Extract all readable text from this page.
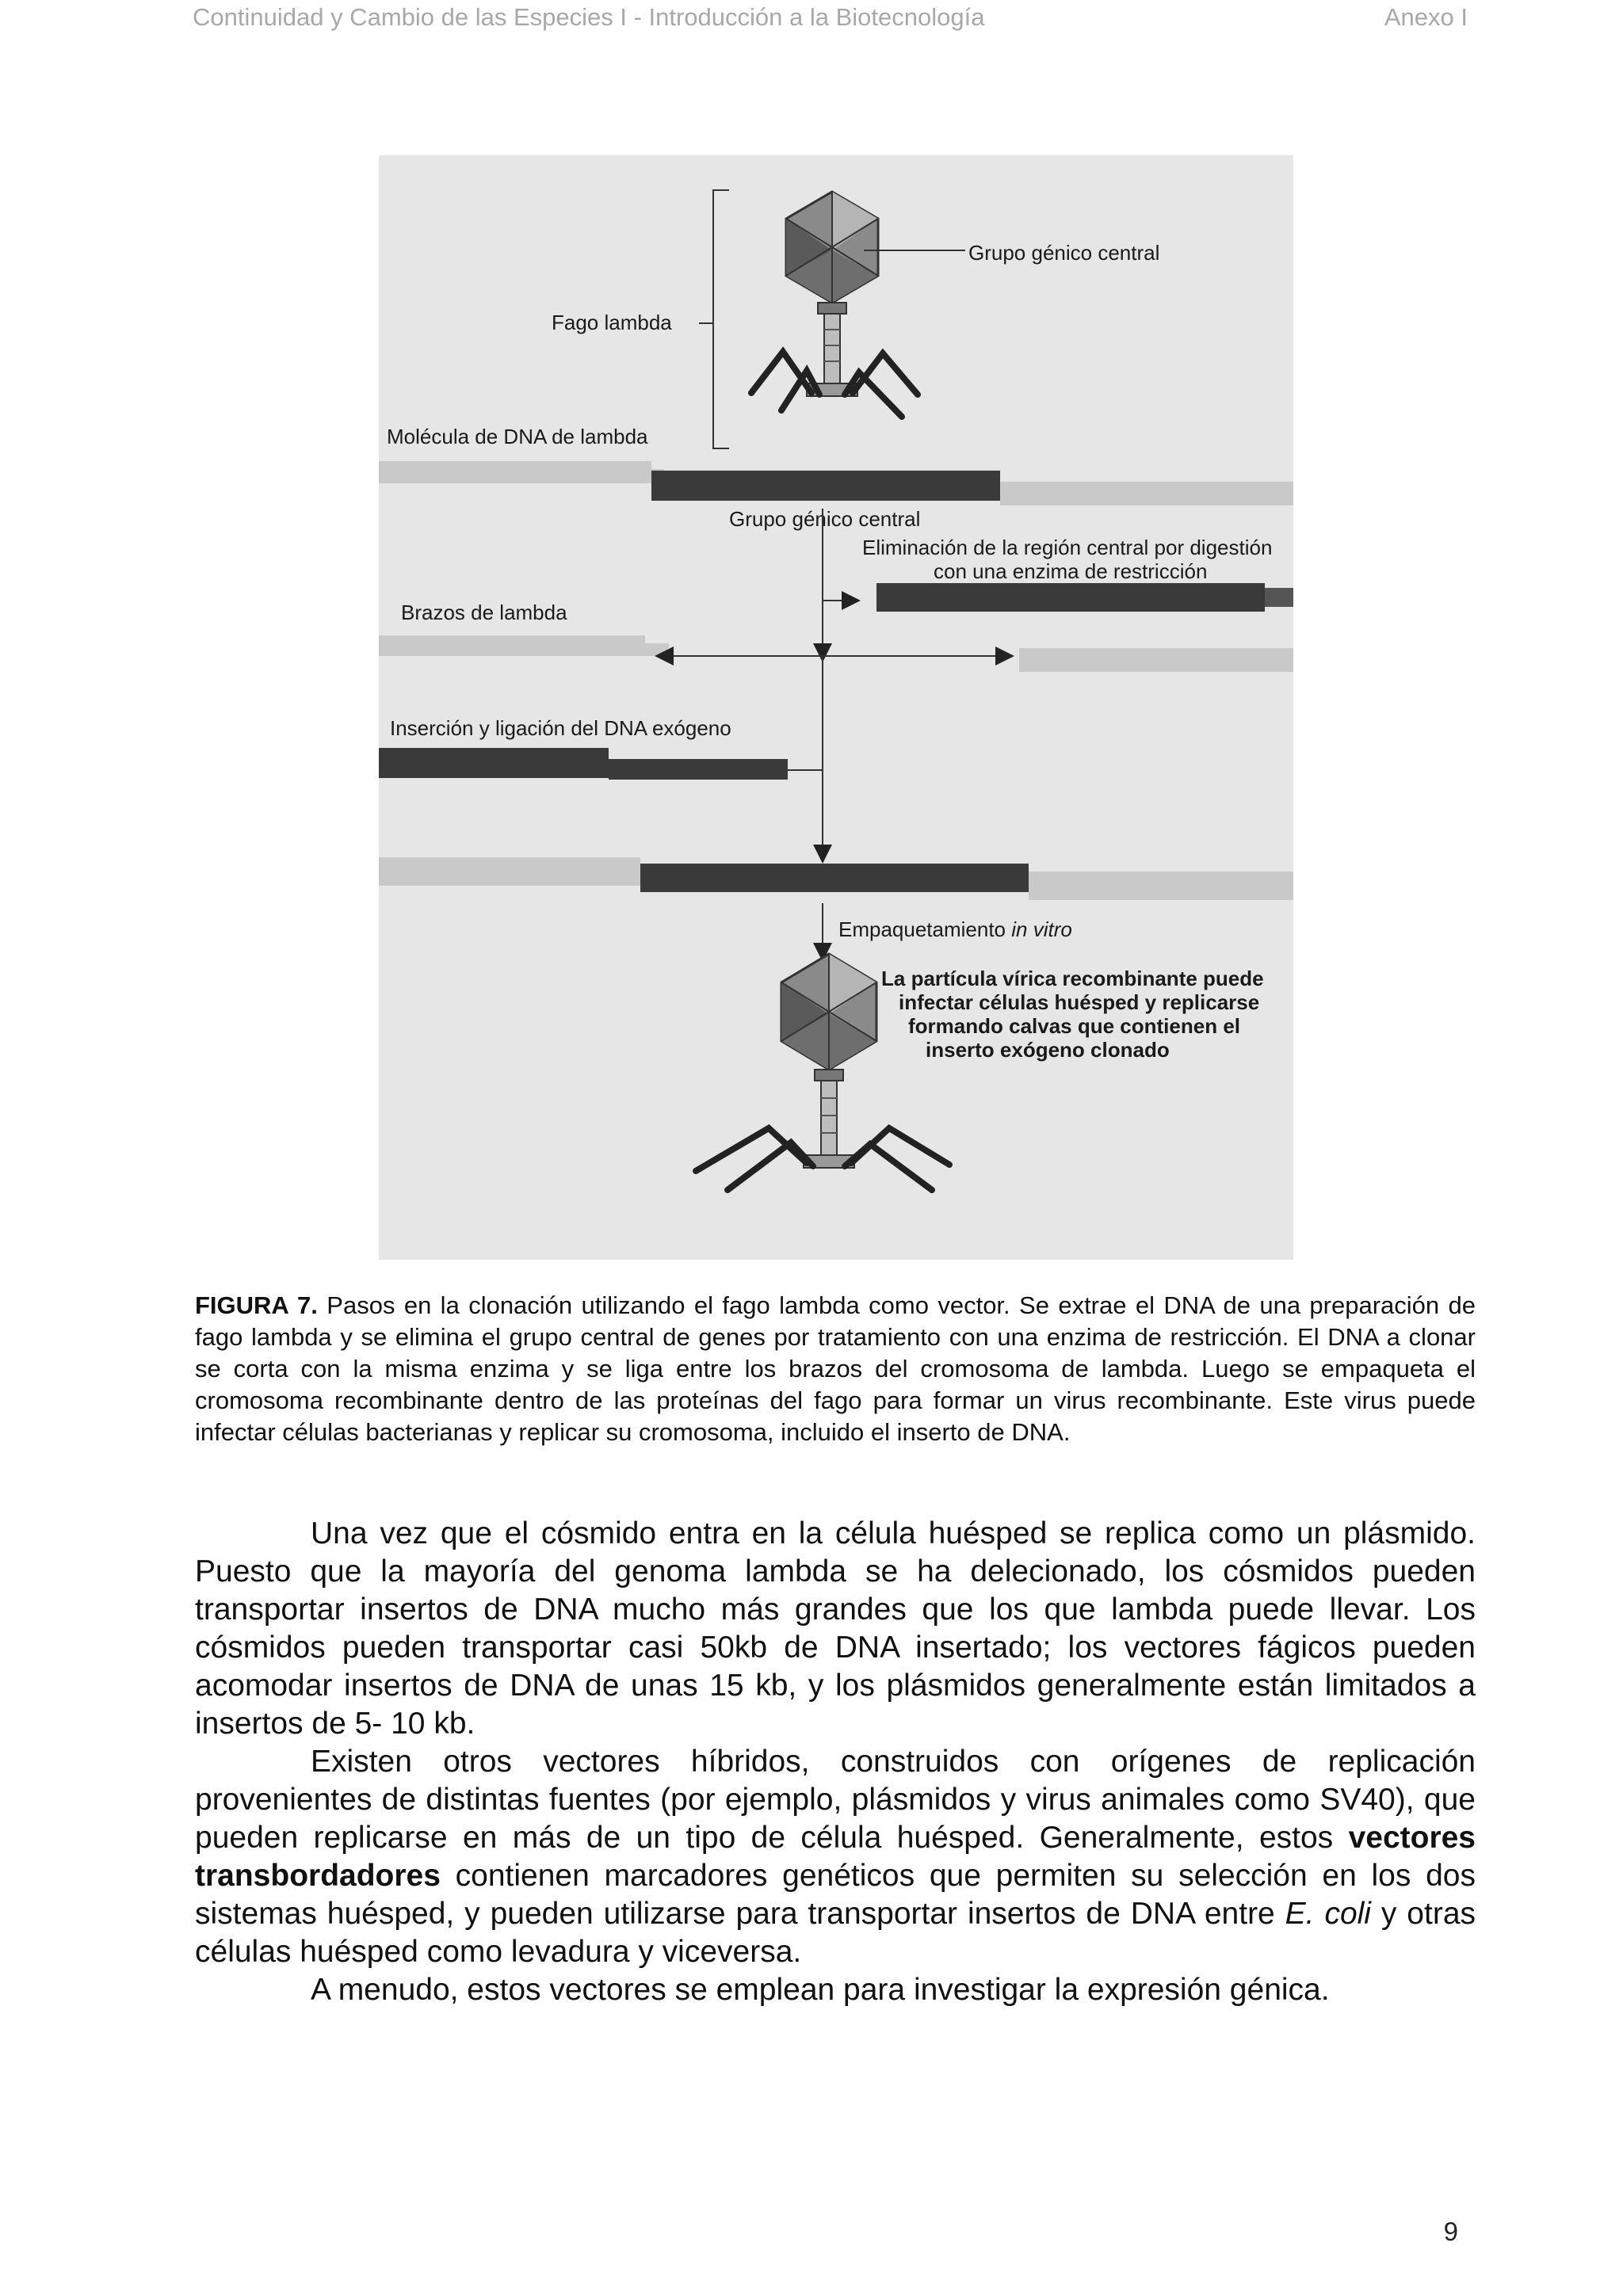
Continuidad y Cambio de las Especies I - Introducción a la Biotecnología	Anexo I
Grupo génico central
Fago lambda
Molécula de DNA de lambda
Grupo génico central
Eliminación de la región central por digestión
con una enzima de restricción
Brazos de lambda
Inserción y ligación del DNA exógeno
Empaquetamiento in vitro
La partícula vírica recombinante puede
infectar células huésped y replicarse
formando calvas que contienen el
inserto exógeno clonado
FIGURA 7. Pasos en la clonación utilizando el fago lambda como vector. Se extrae el DNA de una preparación de fago lambda y se elimina el grupo central de genes por tratamiento con una enzima de restricción. El DNA a clonar se corta con la misma enzima y se liga entre los brazos del cromosoma de lambda. Luego se empaqueta el cromosoma recombinante dentro de las proteínas del fago para formar un virus recombinante. Este virus puede infectar células bacterianas y replicar su cromosoma, incluido el inserto de DNA.

Una vez que el cósmido entra en la célula huésped se replica como un plásmido. Puesto que la mayoría del genoma lambda se ha delecionado, los cósmidos pueden transportar insertos de DNA mucho más grandes que los que lambda puede llevar. Los cósmidos pueden transportar casi 50kb de DNA insertado; los vectores fágicos pueden acomodar insertos de DNA de unas 15 kb, y los plásmidos generalmente están limitados a insertos de 5- 10 kb.

Existen otros vectores híbridos, construidos con orígenes de replicación provenientes de distintas fuentes (por ejemplo, plásmidos y virus animales como SV40), que pueden replicarse en más de un tipo de célula huésped. Generalmente, estos vectores transbordadores contienen marcadores genéticos que permiten su selección en los dos sistemas huésped, y pueden utilizarse para transportar insertos de DNA entre E. coli y otras células huésped como levadura y viceversa.

A menudo, estos vectores se emplean para investigar la expresión génica.

9
